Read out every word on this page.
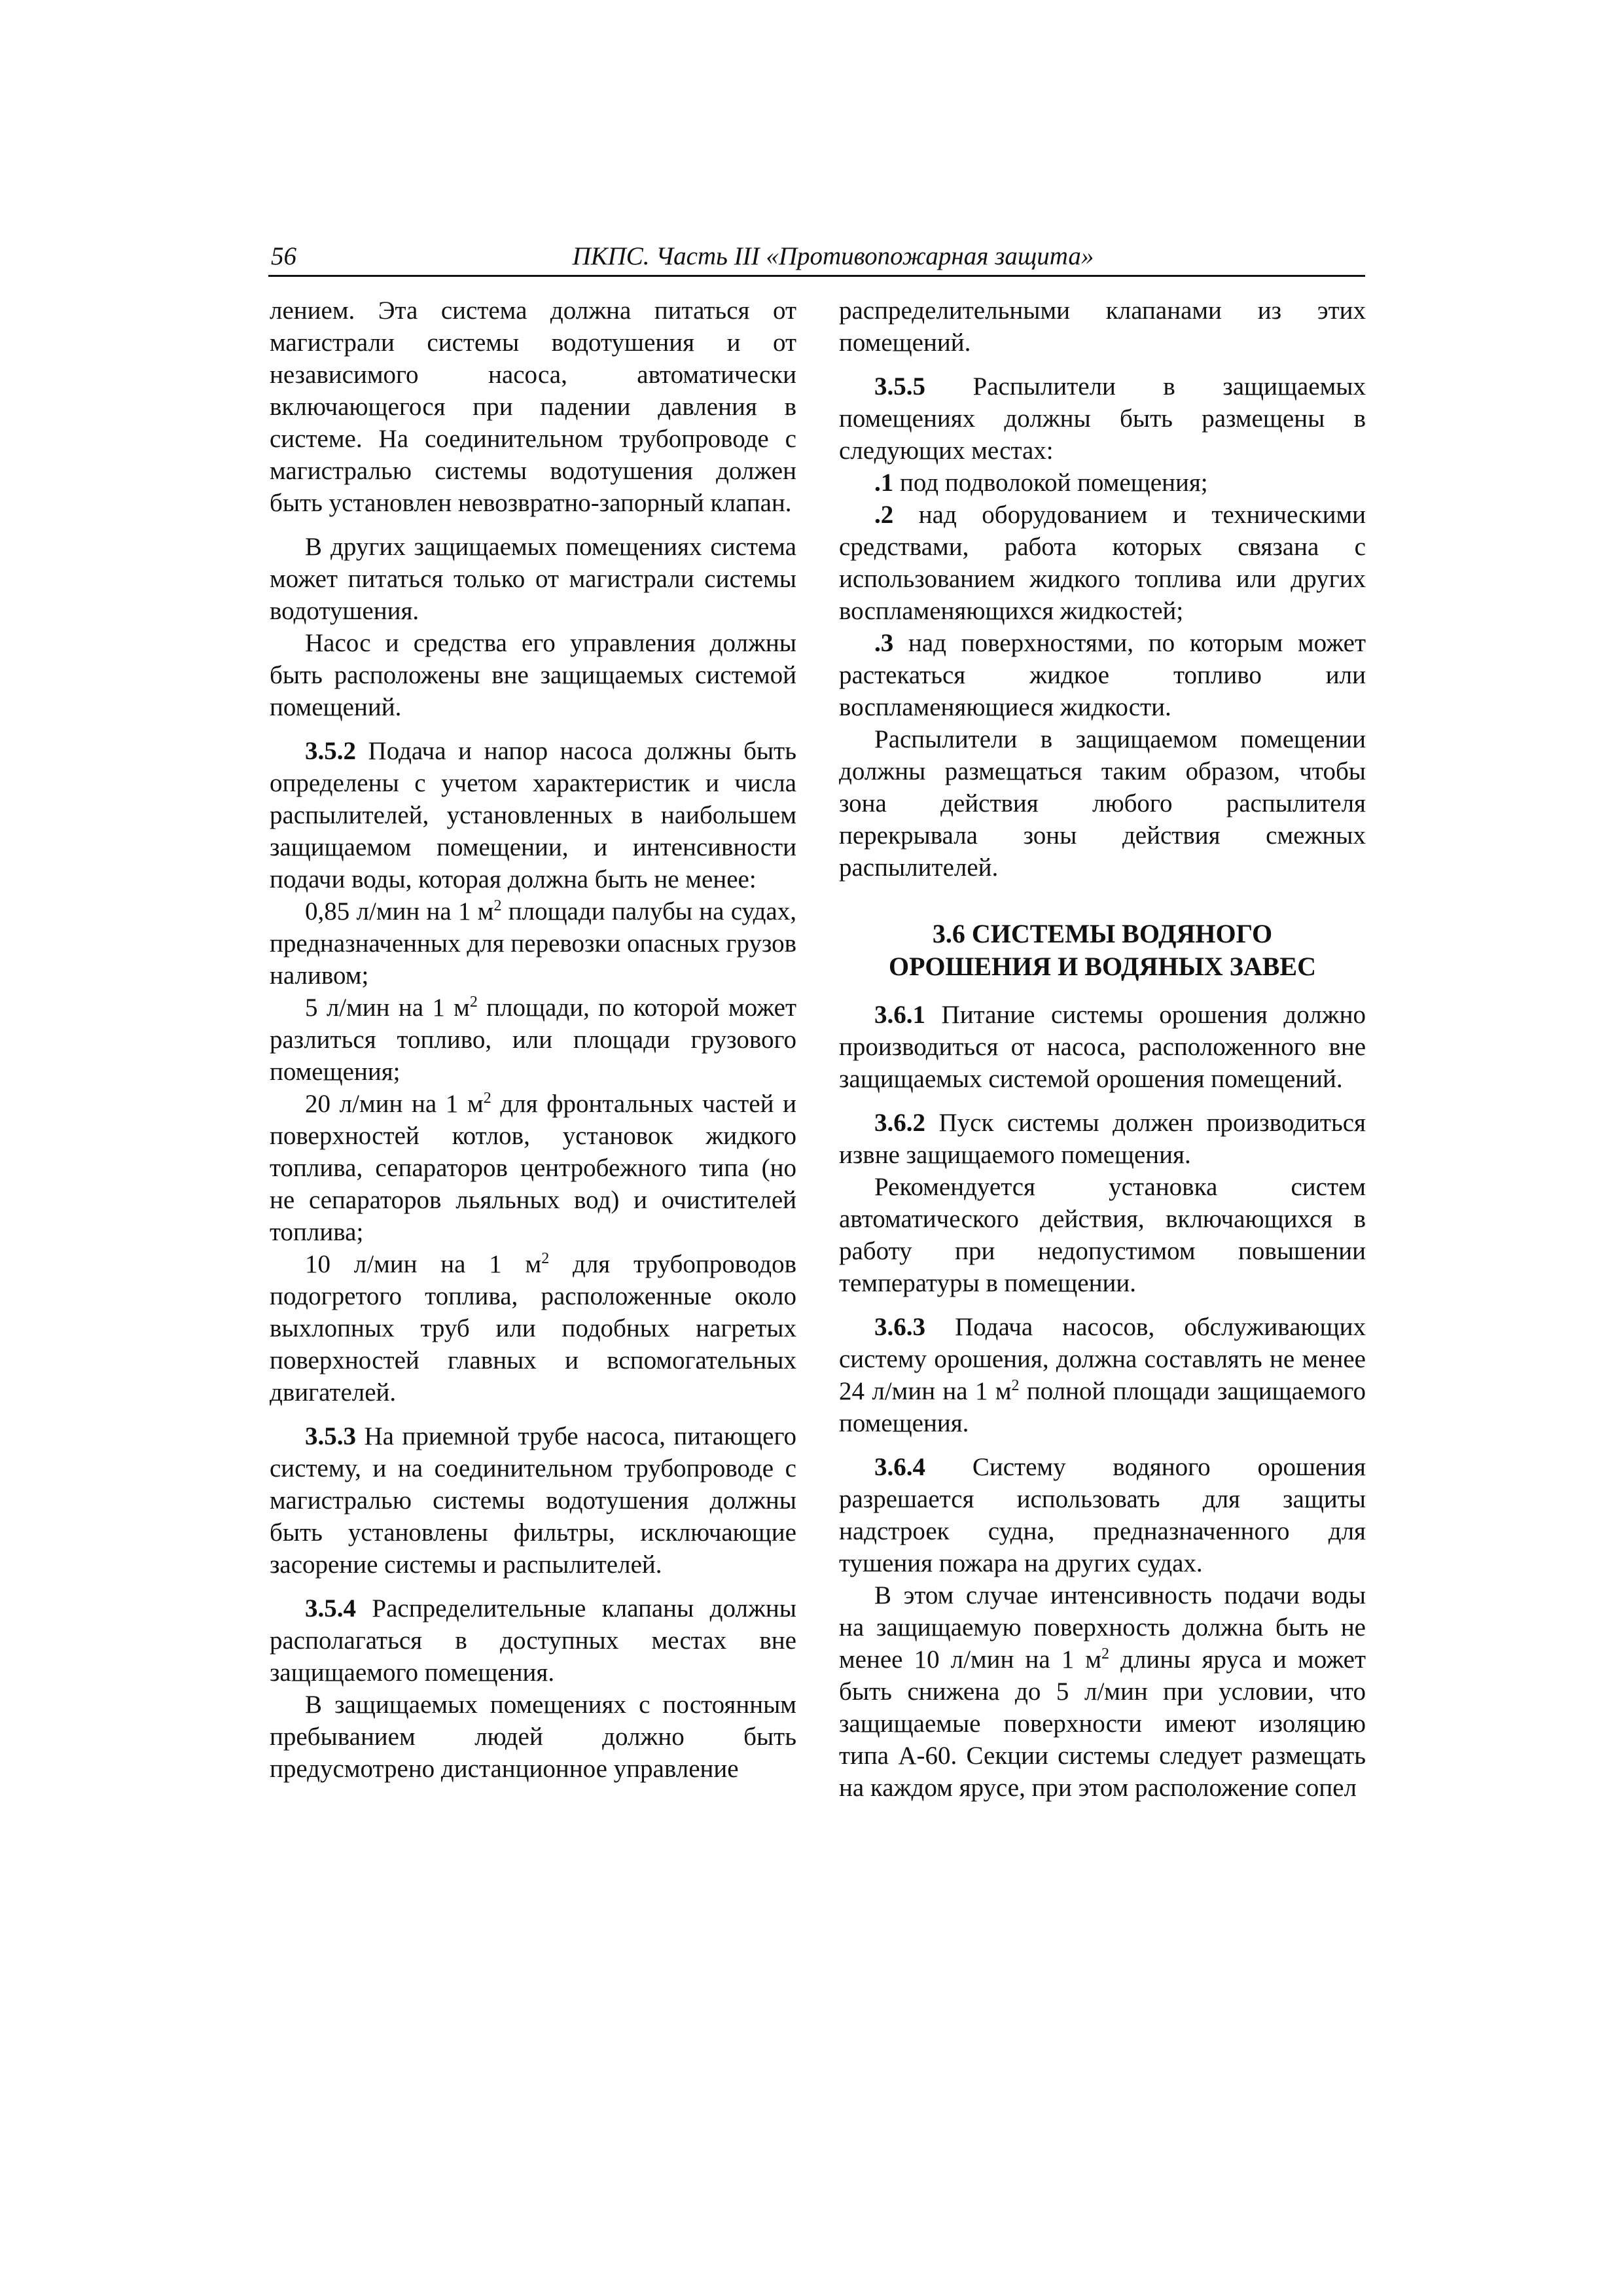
56	ПКПС. Часть III «Противопожарная защита»

лением. Эта система должна питаться от магистрали системы водотушения и от независимого насоса, автоматически включающегося при падении давления в системе. На соединительном трубопроводе с магистралью системы водотушения должен быть установлен невозвратно-запорный клапан.

В других защищаемых помещениях система может питаться только от магистрали системы водотушения.

Насос и средства его управления должны быть расположены вне защищаемых системой помещений.

3.5.2 Подача и напор насоса должны быть определены с учетом характеристик и числа распылителей, установленных в наибольшем защищаемом помещении, и интенсивности подачи воды, которая должна быть не менее:

0,85 л/мин на 1 $м^2$ площади палубы на судах, предназначенных для перевозки опасных грузов наливом;

5 л/мин на 1 $м^2$ площади, по которой может разлиться топливо, или площади грузового помещения;

20 л/мин на 1 $м^2$ для фронтальных частей и поверхностей котлов, установок жидкого топлива, сепараторов центробежного типа (но не сепараторов льяльных вод) и очистителей топлива;

10 л/мин на 1 $м^2$ для трубопроводов подогретого топлива, расположенные около выхлопных труб или подобных нагретых поверхностей главных и вспомогательных двигателей.

3.5.3 На приемной трубе насоса, питающего систему, и на соединительном трубопроводе с магистралью системы водотушения должны быть установлены фильтры, исключающие засорение системы и распылителей.

3.5.4 Распределительные клапаны должны располагаться в доступных местах вне защищаемого помещения.

В защищаемых помещениях с постоянным пребыванием людей должно быть предусмотрено дистанционное управление

распределительными клапанами из этих помещений.

3.5.5 Распылители в защищаемых помещениях должны быть размещены в следующих местах:

.1 под подволокой помещения;

.2 над оборудованием и техническими средствами, работа которых связана с использованием жидкого топлива или других воспламеняющихся жидкостей;

.3 над поверхностями, по которым может растекаться жидкое топливо или воспламеняющиеся жидкости.

Распылители в защищаемом помещении должны размещаться таким образом, чтобы зона действия любого распылителя перекрывала зоны действия смежных распылителей.

3.6 СИСТЕМЫ ВОДЯНОГО
ОРОШЕНИЯ И ВОДЯНЫХ ЗАВЕС

3.6.1 Питание системы орошения должно производиться от насоса, расположенного вне защищаемых системой орошения помещений.

3.6.2 Пуск системы должен производиться извне защищаемого помещения.

Рекомендуется установка систем автоматического действия, включающихся в работу при недопустимом повышении температуры в помещении.

3.6.3 Подача насосов, обслуживающих систему орошения, должна составлять не менее 24 л/мин на 1 $м^2$ полной площади защищаемого помещения.

3.6.4 Систему водяного орошения разрешается использовать для защиты надстроек судна, предназначенного для тушения пожара на других судах.

В этом случае интенсивность подачи воды на защищаемую поверхность должна быть не менее 10 л/мин на 1 $м^2$ длины яруса и может быть снижена до 5 л/мин при условии, что защищаемые поверхности имеют изоляцию типа А-60. Секции системы следует размещать на каждом ярусе, при этом расположение сопел
